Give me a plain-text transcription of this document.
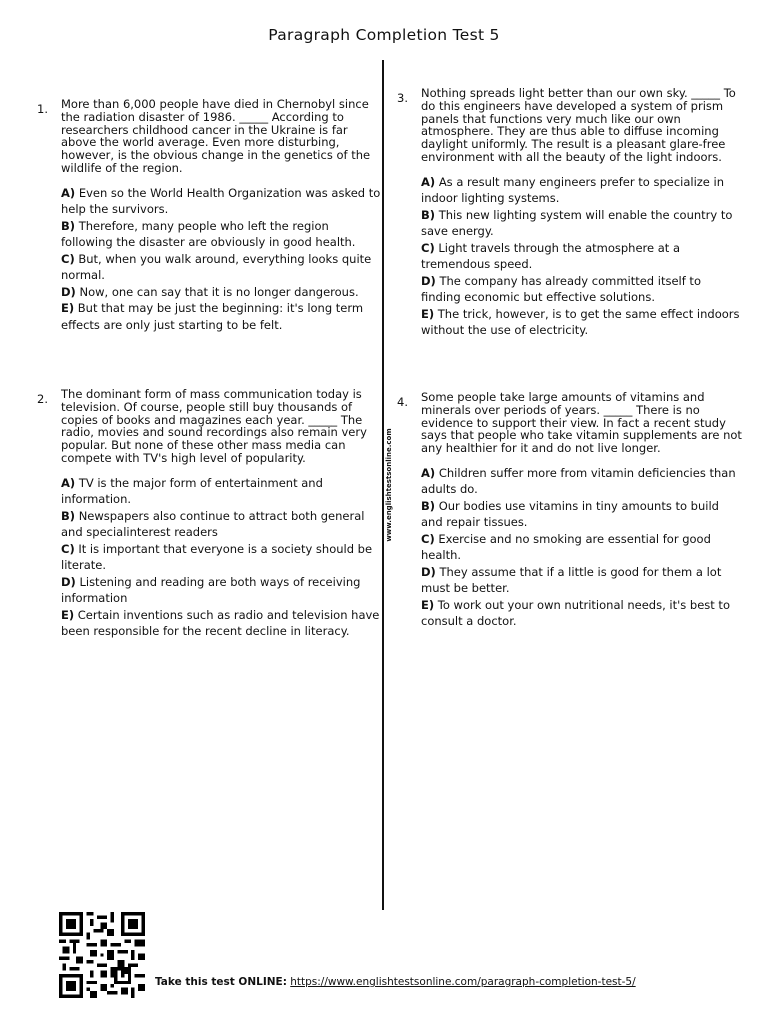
Paragraph Completion Test 5
www.englishtestsonline.com
1. More than 6,000 people have died in Chernobyl since the radiation disaster of 1986. _____ According to researchers childhood cancer in the Ukraine is far above the world average. Even more disturbing, however, is the obvious change in the genetics of the wildlife of the region.
A) Even so the World Health Organization was asked to help the survivors.
B) Therefore, many people who left the region following the disaster are obviously in good health.
C) But, when you walk around, everything looks quite normal.
D) Now, one can say that it is no longer dangerous.
E) But that may be just the beginning: it's long term effects are only just starting to be felt.
2. The dominant form of mass communication today is television. Of course, people still buy thousands of copies of books and magazines each year. _____ The radio, movies and sound recordings also remain very popular. But none of these other mass media can compete with TV's high level of popularity.
A) TV is the major form of entertainment and information.
B) Newspapers also continue to attract both general and specialinterest readers
C) It is important that everyone is a society should be literate.
D) Listening and reading are both ways of receiving information
E) Certain inventions such as radio and television have been responsible for the recent decline in literacy.
3. Nothing spreads light better than our own sky. _____ To do this engineers have developed a system of prism panels that functions very much like our own atmosphere. They are thus able to diffuse incoming daylight uniformly. The result is a pleasant glare-free environment with all the beauty of the light indoors.
A) As a result many engineers prefer to specialize in indoor lighting systems.
B) This new lighting system will enable the country to save energy.
C) Light travels through the atmosphere at a tremendous speed.
D) The company has already committed itself to finding economic but effective solutions.
E) The trick, however, is to get the same effect indoors without the use of electricity.
4. Some people take large amounts of vitamins and minerals over periods of years. _____ There is no evidence to support their view. In fact a recent study says that people who take vitamin supplements are not any healthier for it and do not live longer.
A) Children suffer more from vitamin deficiencies than adults do.
B) Our bodies use vitamins in tiny amounts to build and repair tissues.
C) Exercise and no smoking are essential for good health.
D) They assume that if a little is good for them a lot must be better.
E) To work out your own nutritional needs, it's best to consult a doctor.
Take this test ONLINE: https://www.englishtestsonline.com/paragraph-completion-test-5/
